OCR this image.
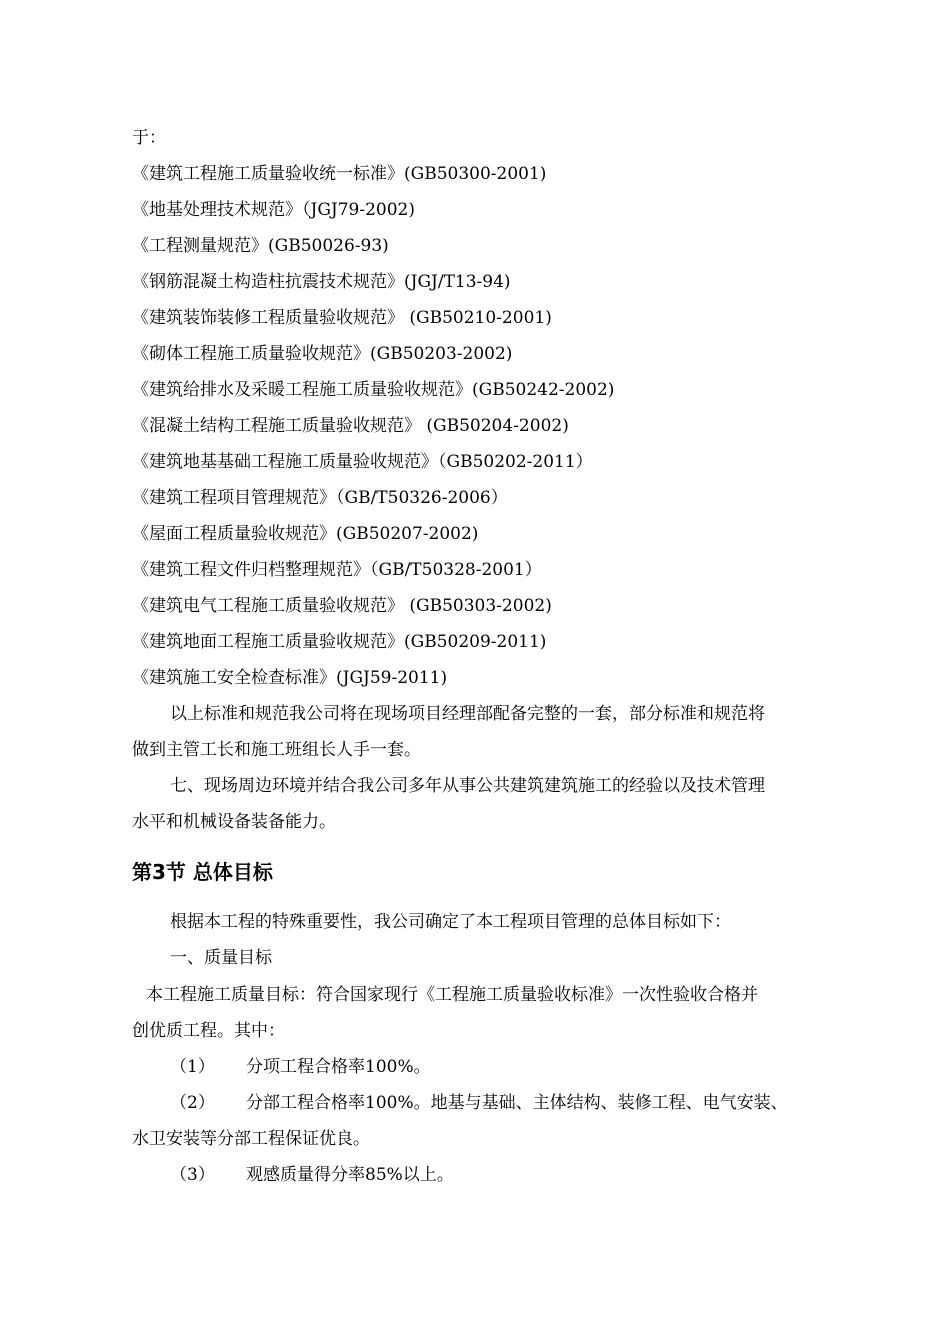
于：
《建筑工程施工质量验收统一标准》(GB50300-2001)
《地基处理技术规范》（JGJ79-2002)
《工程测量规范》(GB50026-93)
《钢筋混凝土构造柱抗震技术规范》(JGJ/T13-94)
《建筑装饰装修工程质量验收规范》 (GB50210-2001)
《砌体工程施工质量验收规范》(GB50203-2002)
《建筑给排水及采暖工程施工质量验收规范》(GB50242-2002)
《混凝土结构工程施工质量验收规范》 (GB50204-2002)
《建筑地基基础工程施工质量验收规范》（GB50202-2011）
《建筑工程项目管理规范》（GB/T50326-2006）
《屋面工程质量验收规范》(GB50207-2002)
《建筑工程文件归档整理规范》（GB/T50328-2001）
《建筑电气工程施工质量验收规范》 (GB50303-2002)
《建筑地面工程施工质量验收规范》(GB50209-2011)
《建筑施工安全检查标准》(JGJ59-2011)
以上标准和规范我公司将在现场项目经理部配备完整的一套，部分标准和规范将
做到主管工长和施工班组长人手一套。
七、现场周边环境并结合我公司多年从事公共建筑建筑施工的经验以及技术管理
水平和机械设备装备能力。
第3节 总体目标
根据本工程的特殊重要性，我公司确定了本工程项目管理的总体目标如下：
一、质量目标
本工程施工质量目标：符合国家现行《工程施工质量验收标准》一次性验收合格并
创优质工程。其中：
（1） 分项工程合格率100%。
（2） 分部工程合格率100%。地基与基础、主体结构、装修工程、电气安装、
水卫安装等分部工程保证优良。
（3） 观感质量得分率85%以上。
